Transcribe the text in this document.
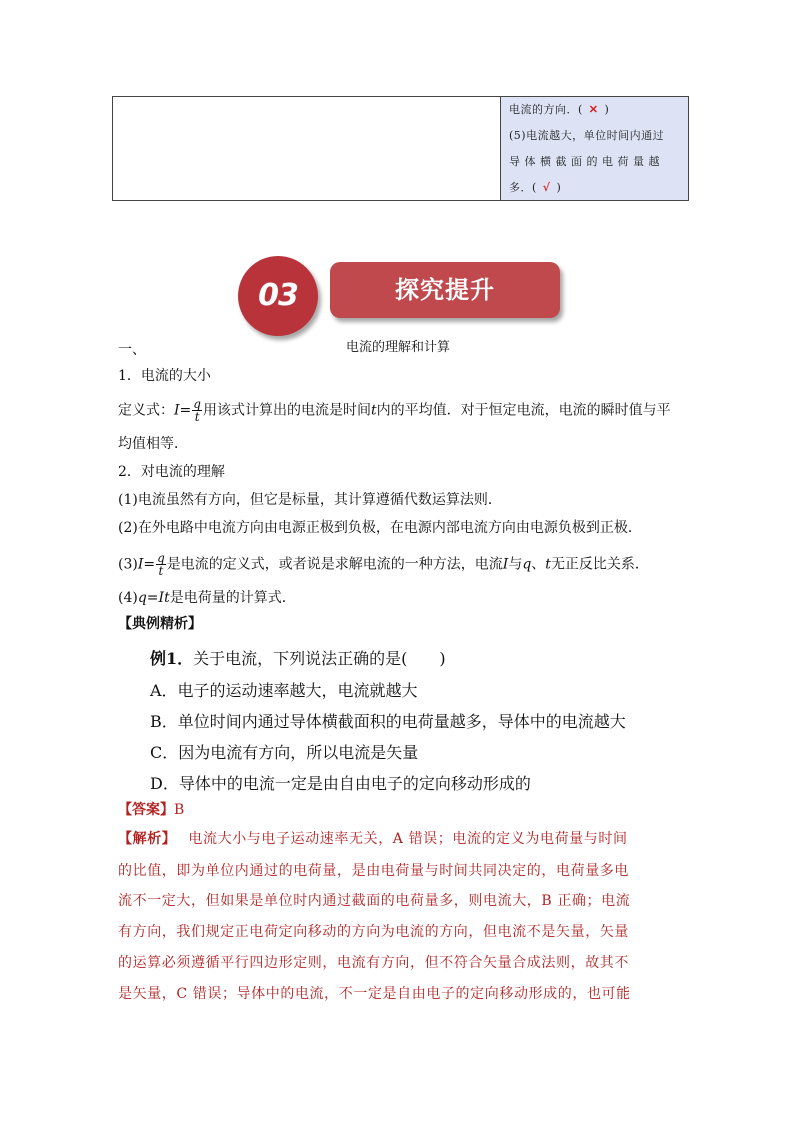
电流的方向．( ✕ )
(5)电流越大，单位时间内通过
导 体 横 截 面 的 电 荷 量 越
多．( √ )
03	探究提升
一、	电流的理解和计算
1．电流的大小
定义式：$I= \frac{q}{t}$ 用该式计算出的电流是时间t内的平均值．对于恒定电流，电流的瞬时值与平
均值相等．
2．对电流的理解
(1)电流虽然有方向，但它是标量，其计算遵循代数运算法则．
(2)在外电路中电流方向由电源正极到负极，在电源内部电流方向由电源负极到正极．
$(3)I= \frac{q}{t}$ 是电流的定义式，或者说是求解电流的一种方法，电流I与q、t无正反比关系．
(4)q=It是电荷量的计算式．
【典例精析】
例1．关于电流，下列说法正确的是(　　)
A．电子的运动速率越大，电流就越大
B．单位时间内通过导体横截面积的电荷量越多，导体中的电流越大
C．因为电流有方向，所以电流是矢量
D．导体中的电流一定是由自由电子的定向移动形成的
【答案】B
【解析】 电流大小与电子运动速率无关，A 错误；电流的定义为电荷量与时间
的比值，即为单位内通过的电荷量，是由电荷量与时间共同决定的，电荷量多电
流不一定大，但如果是单位时内通过截面的电荷量多，则电流大，B 正确；电流
有方向，我们规定正电荷定向移动的方向为电流的方向，但电流不是矢量，矢量
的运算必须遵循平行四边形定则，电流有方向，但不符合矢量合成法则，故其不
是矢量，C 错误；导体中的电流，不一定是自由电子的定向移动形成的，也可能
